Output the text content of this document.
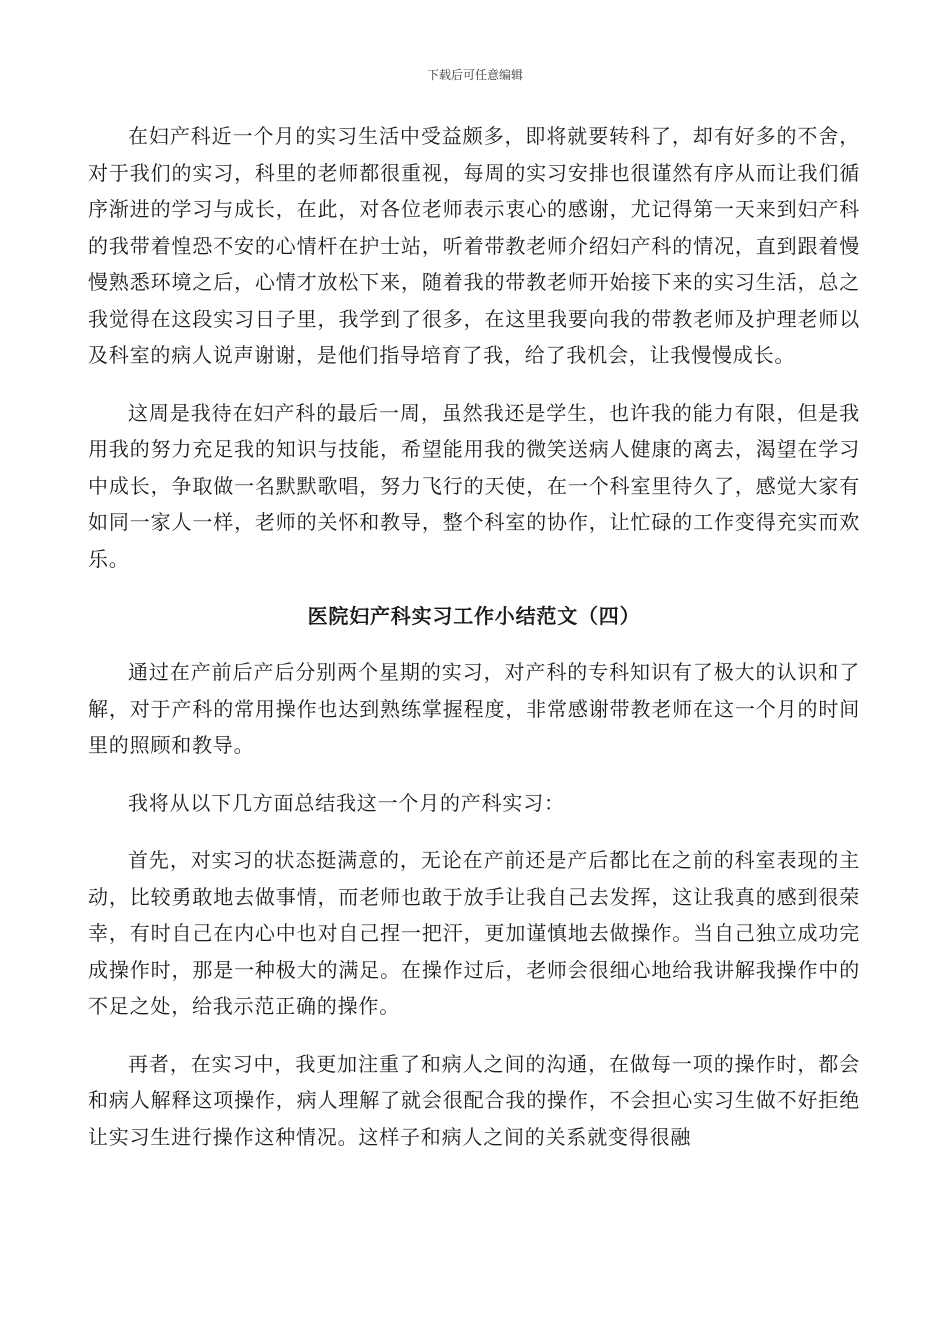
下载后可任意编辑

在妇产科近一个月的实习生活中受益颇多，即将就要转科了，却有好多的不舍，对于我们的实习，科里的老师都很重视，每周的实习安排也很谨然有序从而让我们循序渐进的学习与成长，在此，对各位老师表示衷心的感谢，尤记得第一天来到妇产科的我带着惶恐不安的心情杆在护士站，听着带教老师介绍妇产科的情况，直到跟着慢慢熟悉环境之后，心情才放松下来，随着我的带教老师开始接下来的实习生活，总之我觉得在这段实习日子里，我学到了很多，在这里我要向我的带教老师及护理老师以及科室的病人说声谢谢，是他们指导培育了我，给了我机会，让我慢慢成长。

这周是我待在妇产科的最后一周，虽然我还是学生，也许我的能力有限，但是我用我的努力充足我的知识与技能，希望能用我的微笑送病人健康的离去，渴望在学习中成长，争取做一名默默歌唱，努力飞行的天使，在一个科室里待久了，感觉大家有如同一家人一样，老师的关怀和教导，整个科室的协作，让忙碌的工作变得充实而欢乐。

医院妇产科实习工作小结范文（四）

通过在产前后产后分别两个星期的实习，对产科的专科知识有了极大的认识和了解，对于产科的常用操作也达到熟练掌握程度，非常感谢带教老师在这一个月的时间里的照顾和教导。

我将从以下几方面总结我这一个月的产科实习：

首先，对实习的状态挺满意的，无论在产前还是产后都比在之前的科室表现的主动，比较勇敢地去做事情，而老师也敢于放手让我自己去发挥，这让我真的感到很荣幸，有时自己在内心中也对自己捏一把汗，更加谨慎地去做操作。当自己独立成功完成操作时，那是一种极大的满足。在操作过后，老师会很细心地给我讲解我操作中的不足之处，给我示范正确的操作。

再者，在实习中，我更加注重了和病人之间的沟通，在做每一项的操作时，都会和病人解释这项操作，病人理解了就会很配合我的操作，不会担心实习生做不好拒绝让实习生进行操作这种情况。这样子和病人之间的关系就变得很融
